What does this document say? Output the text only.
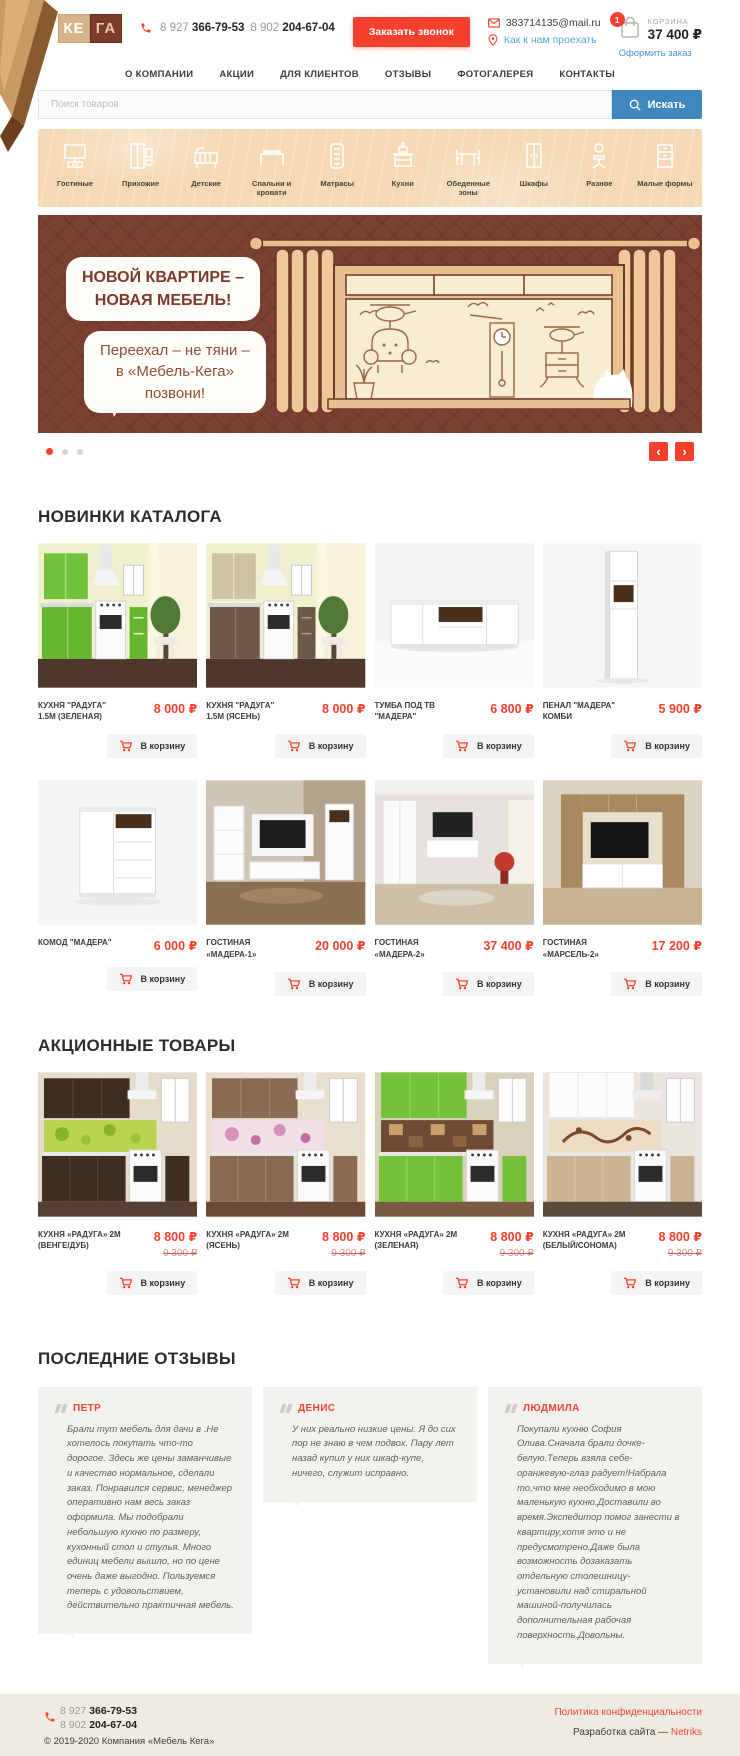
КЕ ГА	8 927 366-79-53 8 902 204-67-04	Заказать звонок
383714135@mail.ru
Как к нам проехать
1	КОРЗИНА
37 400 ₽
Оформить заказ
О КОМПАНИИ	АКЦИИ	ДЛЯ КЛИЕНТОВ	ОТЗЫВЫ	ФОТОГАЛЕРЕЯ	КОНТАКТЫ
Поиск товаров
Искать
Гостиные	Прихожие	Детские	Спальни и кровати
Матрасы	Кухни	Обеденные зоны
Шкафы	Разное	Малые формы
НОВОЙ КВАРТИРЕ –
НОВАЯ МЕБЕЛЬ!
Переехал – не тяни –
в «Мебель-Кега»
позвони!
‹	›
НОВИНКИ КАТАЛОГА
КУХНЯ "РАДУГА" 1.5М (ЗЕЛЕНАЯ)
8 000 ₽
В корзину
КУХНЯ "РАДУГА" 1.5М (ЯСЕНЬ)
8 000 ₽
В корзину
ТУМБА ПОД ТВ "МАДЕРА"
6 800 ₽
В корзину
ПЕНАЛ "МАДЕРА" КОМБИ
5 900 ₽
В корзину
КОМОД "МАДЕРА"	6 000 ₽
В корзину
ГОСТИНАЯ «МАДЕРА-1»
20 000 ₽
В корзину
ГОСТИНАЯ «МАДЕРА-2»
37 400 ₽
В корзину
ГОСТИНАЯ «МАРСЕЛЬ-2»
17 200 ₽
В корзину
АКЦИОННЫЕ ТОВАРЫ
КУХНЯ «РАДУГА» 2М (ВЕНГЕ/ДУБ)
8 800 ₽
9 300 ₽
В корзину
КУХНЯ «РАДУГА» 2М (ЯСЕНЬ)
8 800 ₽
9 300 ₽
В корзину
КУХНЯ «РАДУГА» 2М (ЗЕЛЕНАЯ)
8 800 ₽
9 300 ₽
В корзину
КУХНЯ «РАДУГА» 2М (БЕЛЫЙ/СОНОМА)
8 800 ₽
9 300 ₽
В корзину
ПОСЛЕДНИЕ ОТЗЫВЫ
ПЕТР
Брали тут мебель для дачи в .Не хотелось покупать что-то дорогое. Здесь же цены заманчивые и качество нормальное, сделали заказ. Понравился сервис, менеджер оперативно нам весь заказ оформила. Мы подобрали небольшую кухню по размеру, кухонный стол и стулья. Много единиц мебели вышло, но по цене очень даже выгодно. Пользуемся теперь с удовольствием, действительно практичная мебель.
ДЕНИС
У них реально низкие цены. Я до сих пор не знаю в чем подвох. Пару лет назад купил у них шкаф-купе, ничего, служит исправно.
ЛЮДМИЛА
Покупали кухню София Олива.Сначала брали дочке-белую.Теперь взяла себе-оранжевую-глаз радует!Набрала то,что мне необходимо в мою маленькую кухню.Доставили во время.Экспедитор помог занести в квартиру,хотя это и не предусмотрено.Даже была возможность дозаказать отдельную столешницу-установили над стиральной машиной-получилась дополнительная рабочая поверхность.Довольны.
8 927 366-79-53
8 902 204-67-04
© 2019-2020 Компания «Мебель Кега»
Политика конфиденциальности
Разработка сайта — Netriks
